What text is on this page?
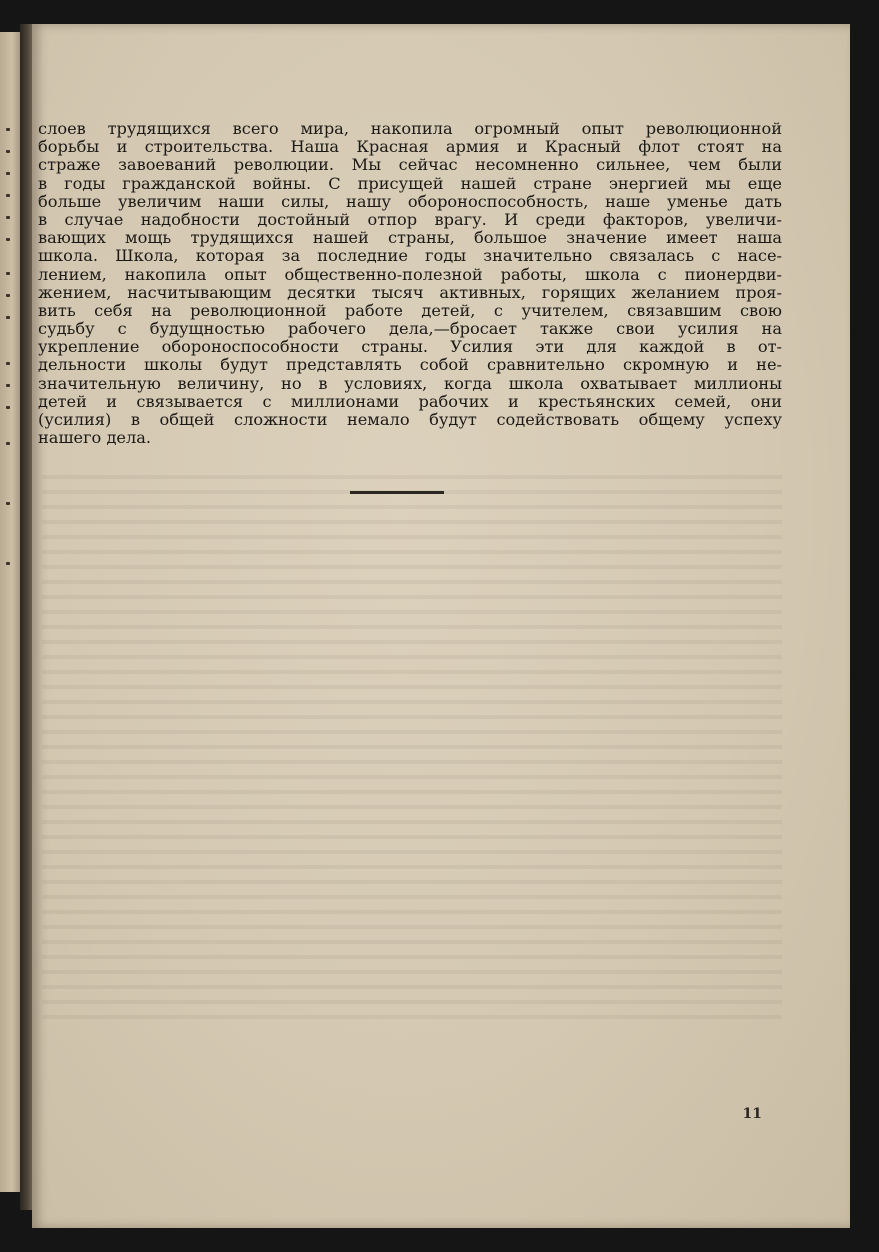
слоев трудящихся всего мира, накопила огромный опыт революционной
борьбы и строительства. Наша Красная армия и Красный флот стоят на
страже завоеваний революции. Мы сейчас несомненно сильнее, чем были
в годы гражданской войны. С присущей нашей стране энергией мы еще
больше увеличим наши силы, нашу обороноспособность, наше уменье дать
в случае надобности достойный отпор врагу. И среди факторов, увеличи-
вающих мощь трудящихся нашей страны, большое значение имеет наша
школа. Школа, которая за последние годы значительно связалась с насе-
лением, накопила опыт общественно-полезной работы, школа с пионердви-
жением, насчитывающим десятки тысяч активных, горящих желанием проя-
вить себя на революционной работе детей, с учителем, связавшим свою
судьбу с будущностью рабочего дела,—бросает также свои усилия на
укрепление обороноспособности страны. Усилия эти для каждой в от-
дельности школы будут представлять собой сравнительно скромную и не-
значительную величину, но в условиях, когда школа охватывает миллионы
детей и связывается с миллионами рабочих и крестьянских семей, они
(усилия) в общей сложности немало будут содействовать общему успеху
нашего дела.
11
